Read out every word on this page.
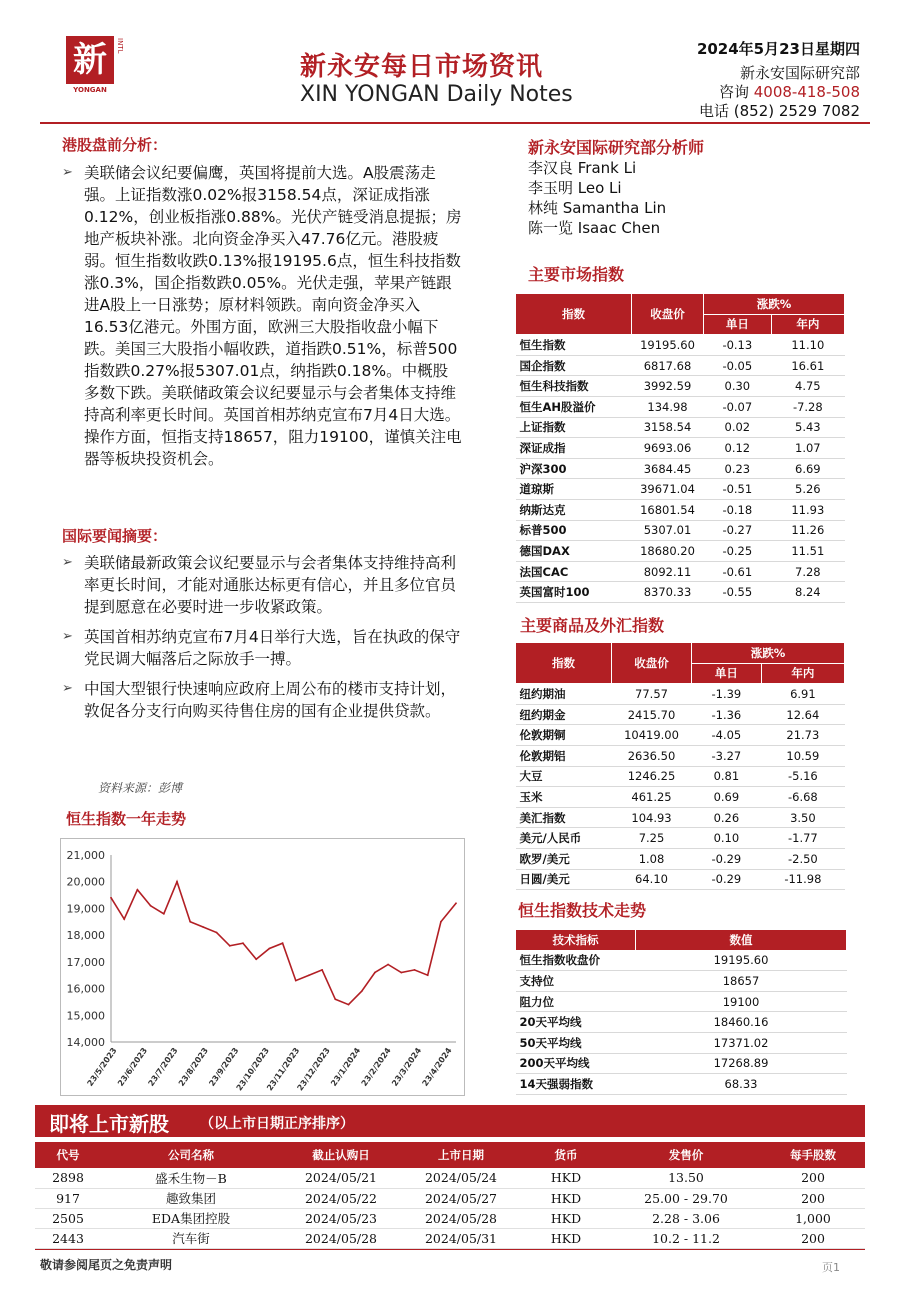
新
YONGAN
INTL
新永安每日市场资讯
XIN YONGAN Daily Notes
2024年5月23日星期四
新永安国际研究部
咨询 4008-418-508
电话 (852) 2529 7082
港股盘前分析：
➢ 美联储会议纪要偏鹰，英国将提前大选。A股震荡走强。上证指数涨0.02%报3158.54点，深证成指涨0.12%，创业板指涨0.88%。光伏产链受消息提振；房地产板块补涨。北向资金净买入47.76亿元。港股疲弱。恒生指数收跌0.13%报19195.6点，恒生科技指数涨0.3%，国企指数跌0.05%。光伏走强，苹果产链跟进A股上一日涨势；原材料领跌。南向资金净买入16.53亿港元。外围方面，欧洲三大股指收盘小幅下跌。美国三大股指小幅收跌，道指跌0.51%，标普500指数跌0.27%报5307.01点，纳指跌0.18%。中概股多数下跌。美联储政策会议纪要显示与会者集体支持维持高利率更长时间。英国首相苏纳克宣布7月4日大选。操作方面，恒指支持18657，阻力19100，谨慎关注电器等板块投资机会。

国际要闻摘要：
➢ 美联储最新政策会议纪要显示与会者集体支持维持高利率更长时间，才能对通胀达标更有信心，并且多位官员提到愿意在必要时进一步收紧政策。

➢ 英国首相苏纳克宣布7月4日举行大选，旨在执政的保守党民调大幅落后之际放手一搏。

➢ 中国大型银行快速响应政府上周公布的楼市支持计划，敦促各分支行向购买待售住房的国有企业提供贷款。

资料来源：彭博
恒生指数一年走势
21,000
20,000
19,000
18,000
17,000
16,000
15,000
14,000
23/5/2023
23/6/2023
23/7/2023
23/8/2023
23/9/2023
23/10/2023
23/11/2023
23/12/2023
23/1/2024
23/2/2024
23/3/2024
23/4/2024
新永安国际研究部分析师
李汉良 Frank Li
李玉明 Leo Li
林纯 Samantha Lin
陈一览 Isaac Chen
主要市场指数
指数	收盘价	涨跌%	
		单日	年内
恒生指数	19195.60	-0.13	11.10
国企指数	6817.68	-0.05	16.61
恒生科技指数	3992.59	0.30	4.75
恒生AH股溢价	134.98	-0.07	-7.28
上证指数	3158.54	0.02	5.43
深证成指	9693.06	0.12	1.07
沪深300	3684.45	0.23	6.69
道琼斯	39671.04	-0.51	5.26
纳斯达克	16801.54	-0.18	11.93
标普500	5307.01	-0.27	11.26
德国DAX	18680.20	-0.25	11.51
法国CAC	8092.11	-0.61	7.28
英国富时100	8370.33	-0.55	8.24
主要商品及外汇指数
指数	收盘价	涨跌%	
		单日	年内
纽约期油	77.57	-1.39	6.91
纽约期金	2415.70	-1.36	12.64
伦敦期铜	10419.00	-4.05	21.73
伦敦期铝	2636.50	-3.27	10.59
大豆	1246.25	0.81	-5.16
玉米	461.25	0.69	-6.68
美汇指数	104.93	0.26	3.50
美元/人民币	7.25	0.10	-1.77
欧罗/美元	1.08	-0.29	-2.50
日圆/美元	64.10	-0.29	-11.98
恒生指数技术走势
技术指标	数值
恒生指数收盘价	19195.60
支持位	18657
阻力位	19100
20天平均线	18460.16
50天平均线	17371.02
200天平均线	17268.89
14天强弱指数	68.33
即将上市新股 （以上市日期正序排序）
代号	公司名称	截止认购日	上市日期	货币	发售价	每手股数
2898	盛禾生物－B	2024/05/21	2024/05/24	HKD	13.50	200
917	趣致集团	2024/05/22	2024/05/27	HKD	25.00 - 29.70	200
2505	EDA集团控股	2024/05/23	2024/05/28	HKD	2.28 - 3.06	1,000
2443	汽车街	2024/05/28	2024/05/31	HKD	10.2 - 11.2	200
敬请参阅尾页之免责声明	页1
